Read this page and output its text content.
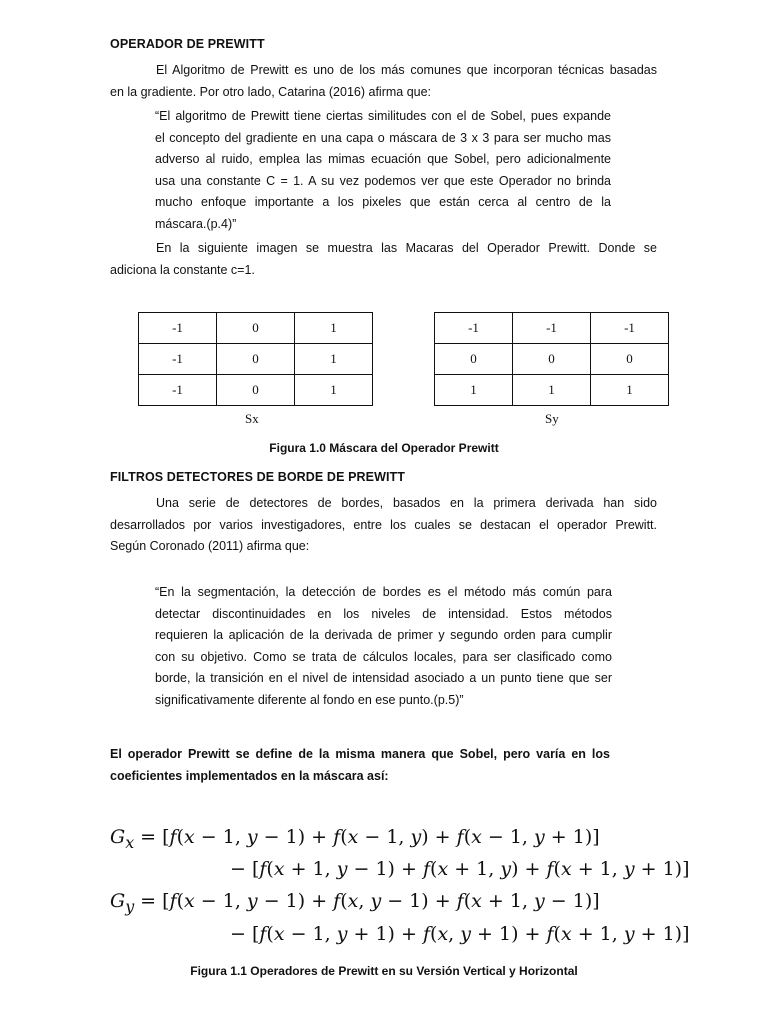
OPERADOR DE PREWITT
El Algoritmo de Prewitt es uno de los más comunes que incorporan técnicas basadas
en la gradiente. Por otro lado, Catarina (2016) afirma que:
“El algoritmo de Prewitt tiene ciertas similitudes con el de Sobel, pues expande
el concepto del gradiente en una capa o máscara de 3 x 3 para ser mucho mas
adverso al ruido, emplea las mimas ecuación que Sobel, pero adicionalmente
usa una constante C = 1. A su vez podemos ver que este Operador no brinda
mucho enfoque importante a los pixeles que están cerca al centro de la
máscara.(p.4)”
En la siguiente imagen se muestra las Macaras del Operador Prewitt. Donde se
adiciona la constante c=1.
-1	0	1
-1	0	1
-1	0	1
Sx
-1	-1	-1
0	0	0
1	1	1
Sy
Figura 1.0 Máscara del Operador Prewitt
FILTROS DETECTORES DE BORDE DE PREWITT
Una serie de detectores de bordes, basados en la primera derivada han sido
desarrollados por varios investigadores, entre los cuales se destacan el operador Prewitt.
Según Coronado (2011) afirma que:
“En la segmentación, la detección de bordes es el método más común para
detectar discontinuidades en los niveles de intensidad. Estos métodos
requieren la aplicación de la derivada de primer y segundo orden para cumplir
con su objetivo. Como se trata de cálculos locales, para ser clasificado como
borde, la transición en el nivel de intensidad asociado a un punto tiene que ser
significativamente diferente al fondo en ese punto.(p.5)”
El operador Prewitt se define de la misma manera que Sobel, pero varía en los
coeficientes implementados en la máscara así:
$G_x = [f(x - 1$, y − 1) + f(x − 1, y) + f(x − 1, y + 1)]
− [f(x + 1, y − 1) + f(x + 1, y) + f(x + 1, y + 1)]
$G_y = [f(x - 1$, y − 1) + f(x, y − 1) + f(x + 1, y − 1)]
− [f(x − 1, y + 1) + f(x, y + 1) + f(x + 1, y + 1)]
Figura 1.1 Operadores de Prewitt en su Versión Vertical y Horizontal
